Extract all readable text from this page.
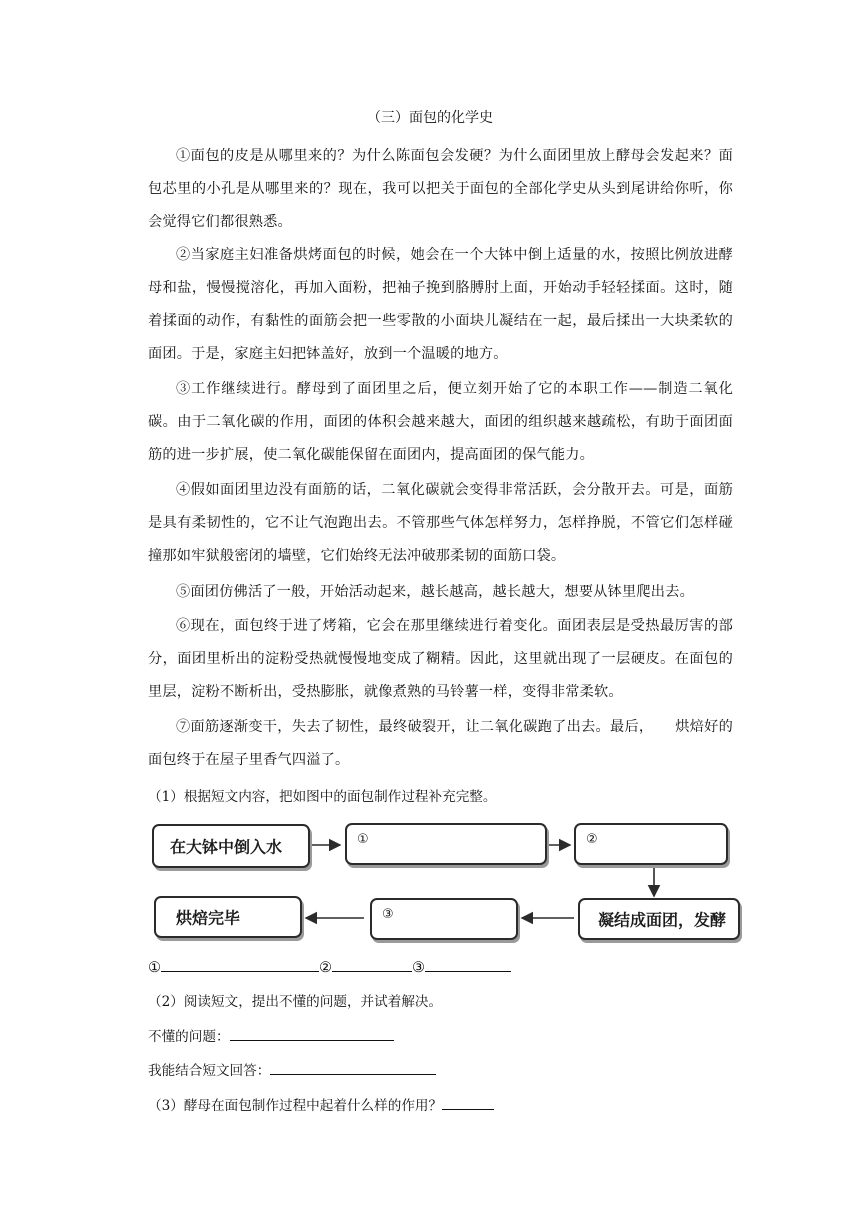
（三）面包的化学史
①面包的皮是从哪里来的？为什么陈面包会发硬？为什么面团里放上酵母会发起来？面包芯里的小孔是从哪里来的？现在，我可以把关于面包的全部化学史从头到尾讲给你听，你会觉得它们都很熟悉。
②当家庭主妇准备烘烤面包的时候，她会在一个大钵中倒上适量的水，按照比例放进酵母和盐，慢慢搅溶化，再加入面粉，把袖子挽到胳膊肘上面，开始动手轻轻揉面。这时，随着揉面的动作，有黏性的面筋会把一些零散的小面块儿凝结在一起，最后揉出一大块柔软的面团。于是，家庭主妇把钵盖好，放到一个温暖的地方。
③工作继续进行。酵母到了面团里之后，便立刻开始了它的本职工作——制造二氧化碳。由于二氧化碳的作用，面团的体积会越来越大，面团的组织越来越疏松，有助于面团面筋的进一步扩展，使二氧化碳能保留在面团内，提高面团的保气能力。
④假如面团里边没有面筋的话，二氧化碳就会变得非常活跃，会分散开去。可是，面筋是具有柔韧性的，它不让气泡跑出去。不管那些气体怎样努力，怎样挣脱，不管它们怎样碰撞那如牢狱般密闭的墙壁，它们始终无法冲破那柔韧的面筋口袋。
⑤面团仿佛活了一般，开始活动起来，越长越高，越长越大，想要从钵里爬出去。
⑥现在，面包终于进了烤箱，它会在那里继续进行着变化。面团表层是受热最厉害的部分，面团里析出的淀粉受热就慢慢地变成了糊精。因此，这里就出现了一层硬皮。在面包的里层，淀粉不断析出，受热膨胀，就像煮熟的马铃薯一样，变得非常柔软。
⑦面筋逐渐变干，失去了韧性，最终破裂开，让二氧化碳跑了出去。最后，　　烘焙好的面包终于在屋子里香气四溢了。
（1）根据短文内容，把如图中的面包制作过程补充完整。
在大钵中倒入水	①	②
凝结成面团，发酵
③
烘焙完毕
①	②	③
（2）阅读短文，提出不懂的问题，并试着解决。
不懂的问题：
我能结合短文回答：
（3）酵母在面包制作过程中起着什么样的作用？
